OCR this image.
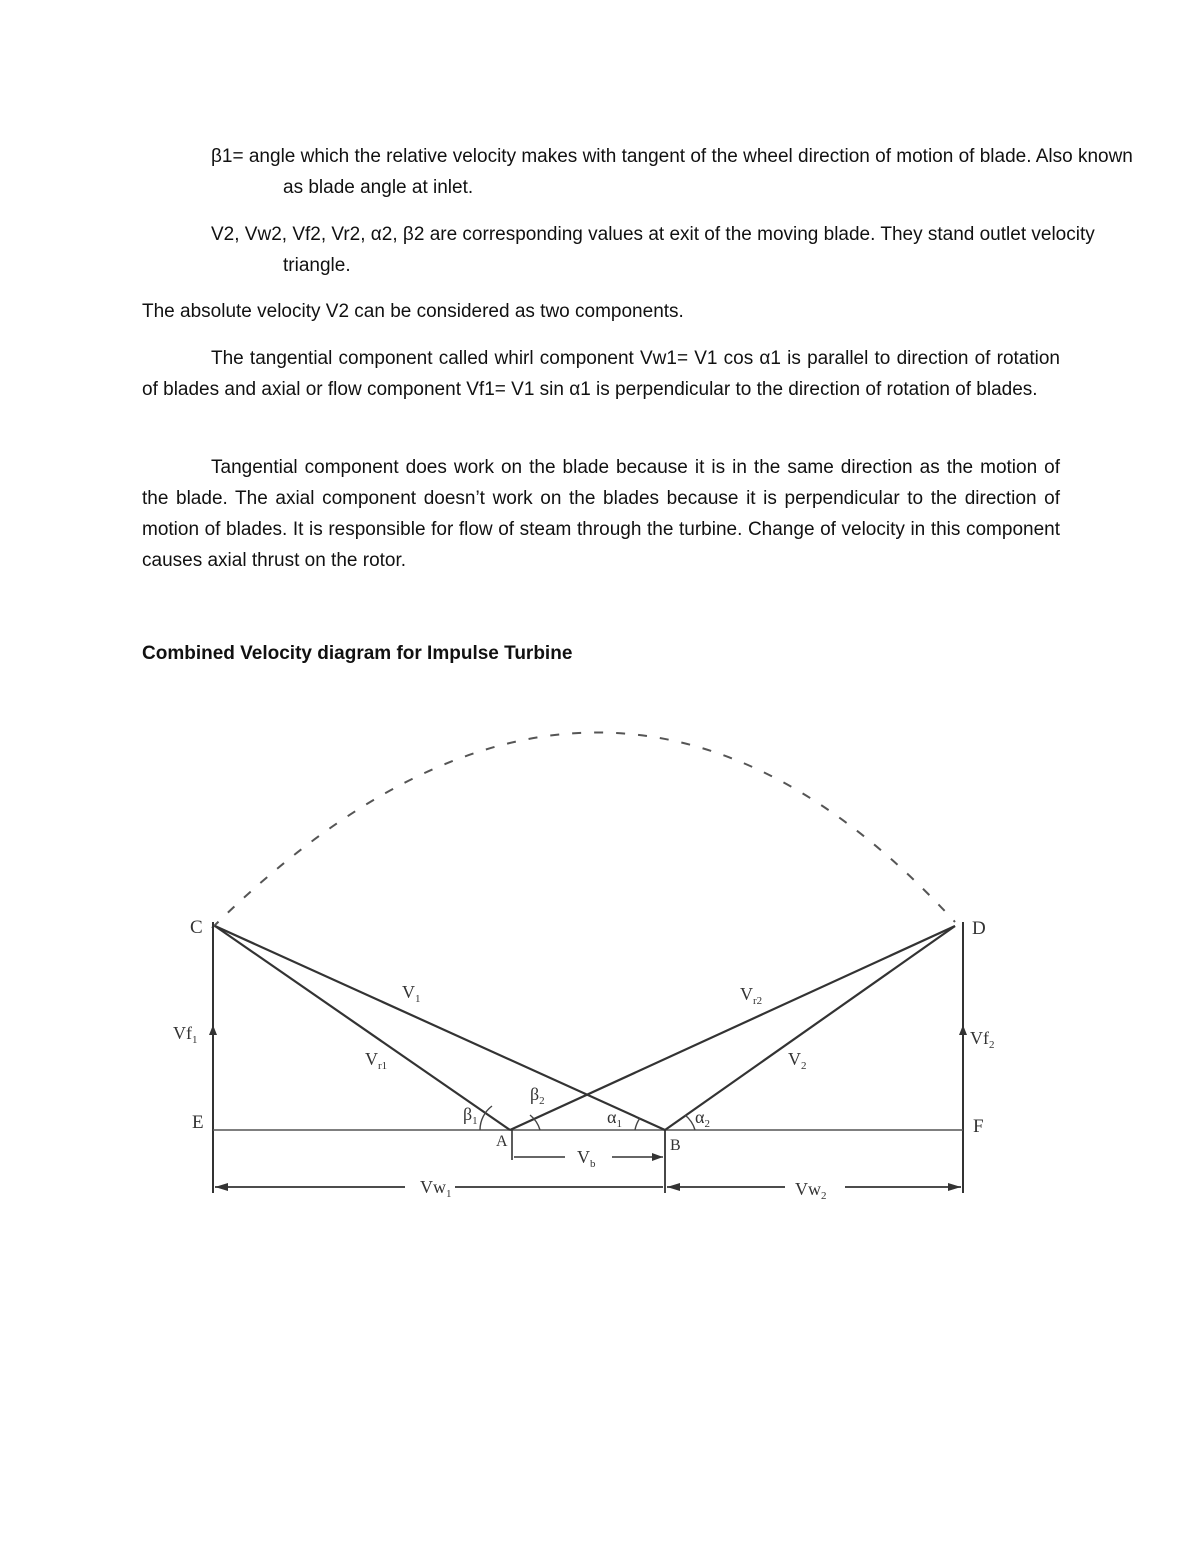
β1= angle which the relative velocity makes with tangent of the wheel direction of motion of blade. Also known as blade angle at inlet.

V2, Vw2, Vf2, Vr2, α2, β2 are corresponding values at exit of the moving blade. They stand outlet velocity triangle.

The absolute velocity V2 can be considered as two components.

The tangential component called whirl component Vw1= V1 cos α1 is parallel to direction of rotation of blades and axial or flow component Vf1= V1 sin α1 is perpendicular to the direction of rotation of blades.

Tangential component does work on the blade because it is in the same direction as the motion of the blade. The axial component doesn’t work on the blades because it is perpendicular to the direction of motion of blades. It is responsible for flow of steam through the turbine. Change of velocity in this component causes axial thrust on the rotor.

Combined Velocity diagram for Impulse Turbine

C	D
E	F
A	B
$V_1$
$V_{r1}$
$V_{r2}$
$V_2$
$Vf_1$	$Vf_2$
$\beta_1$
$\beta_2$
$\alpha_1$	$\alpha_2$
$V_b$
$Vw_1$	$Vw_2$
